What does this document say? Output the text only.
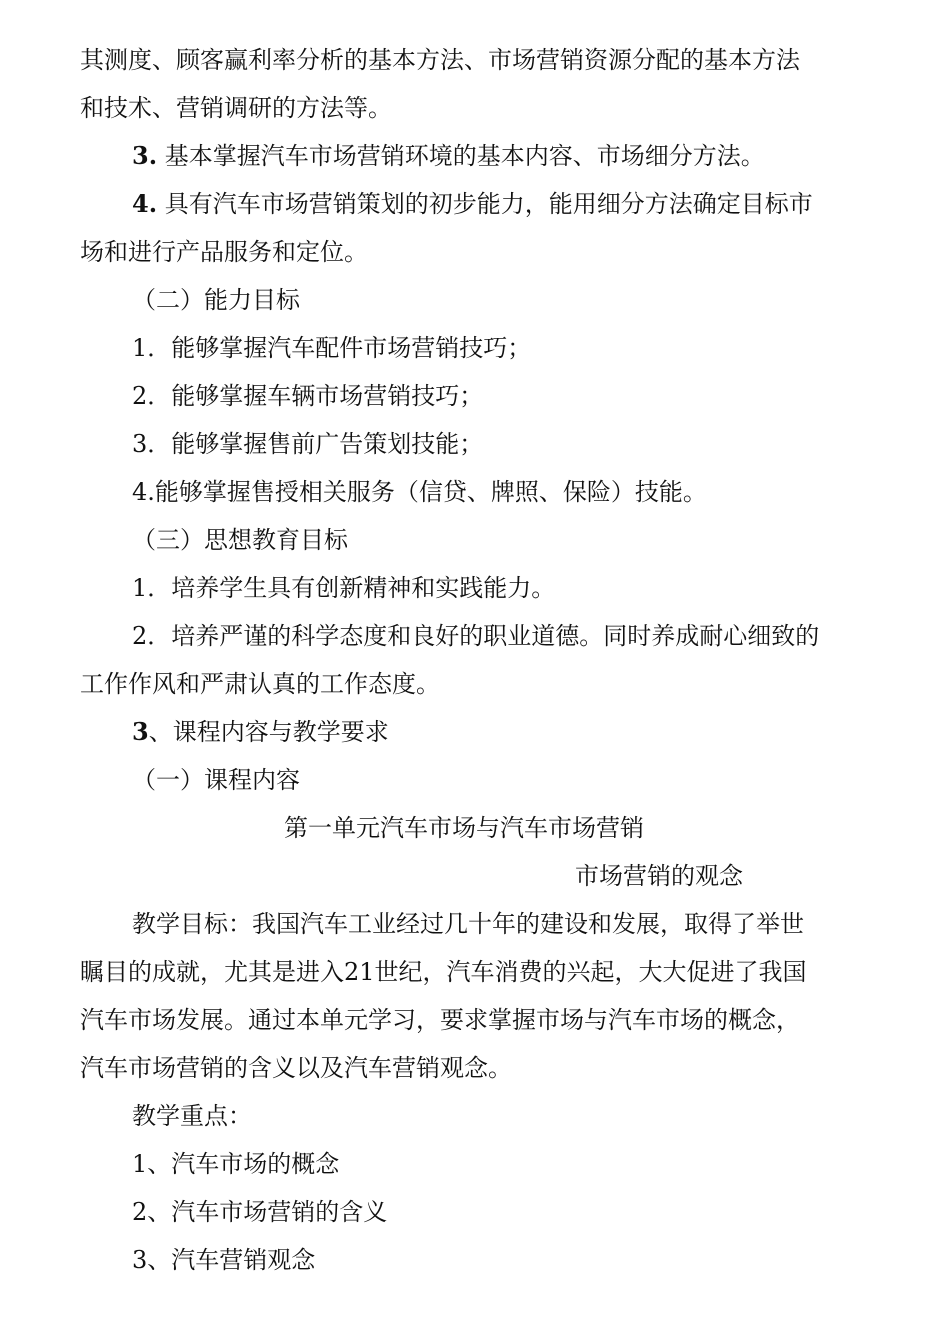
其测度、顾客赢利率分析的基本方法、市场营销资源分配的基本方法
和技术、营销调研的方法等。
3. 基本掌握汽车市场营销环境的基本内容、市场细分方法。
4. 具有汽车市场营销策划的初步能力，能用细分方法确定目标市
场和进行产品服务和定位。
（二）能力目标
1．能够掌握汽车配件市场营销技巧；
2．能够掌握车辆市场营销技巧；
3．能够掌握售前广告策划技能；
4.能够掌握售授相关服务（信贷、牌照、保险）技能。
（三）思想教育目标
1．培养学生具有创新精神和实践能力。
2．培养严谨的科学态度和良好的职业道德。同时养成耐心细致的
工作作风和严肃认真的工作态度。
3、课程内容与教学要求
（一）课程内容
第一单元汽车市场与汽车市场营销
市场营销的观念
教学目标：我国汽车工业经过几十年的建设和发展，取得了举世
瞩目的成就，尤其是进入21世纪，汽车消费的兴起，大大促进了我国
汽车市场发展。通过本单元学习，要求掌握市场与汽车市场的概念，
汽车市场营销的含义以及汽车营销观念。
教学重点：
1、汽车市场的概念
2、汽车市场营销的含义
3、汽车营销观念
